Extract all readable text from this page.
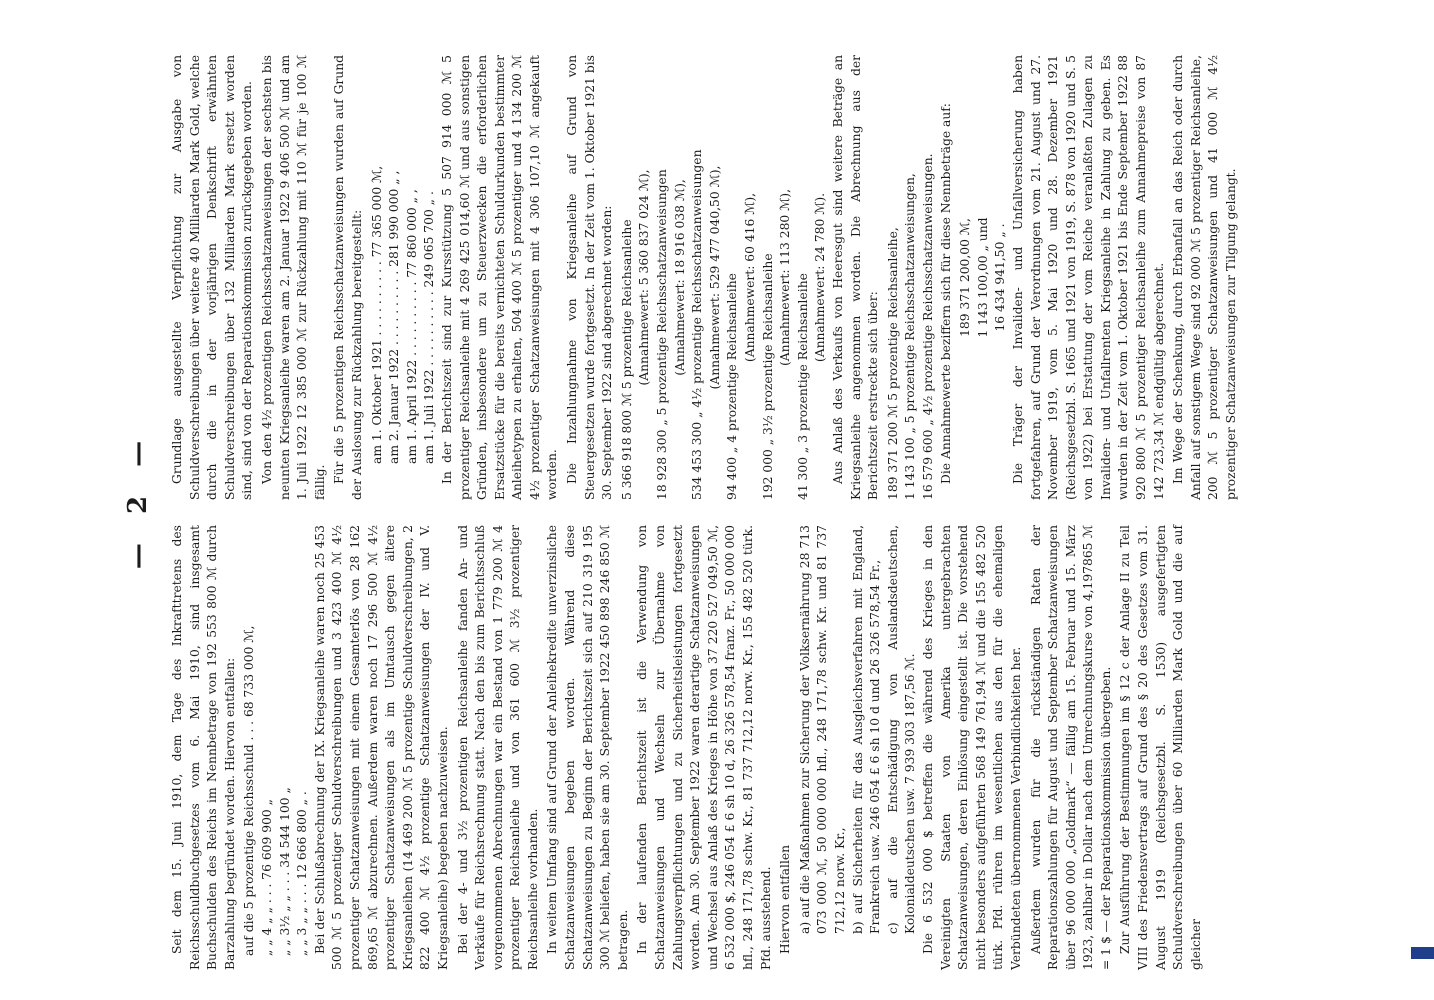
— 2 —

Seit dem 15. Juni 1910, dem Tage des Inkrafttretens des Reichsschuldbuchgesetzes vom 6. Mai 1910, sind insgesamt Buchschulden des Reichs im Nennbetrage von 192 553 800 ℳ durch Barzahlung begründet worden. Hiervon entfallen: auf die 5 prozentige Reichsschuld . . . 68 733 000 ℳ, „ „ 4 „ „ . . . 76 609 900 „ „ „ 3½ „ „ . . . 34 544 100 „ „ „ 3 „ „ . . . 12 666 800 „ . Bei der Schlußabrechnung der IX. Kriegsanleihe waren noch 25 453 500 ℳ 5 prozentiger Schuldverschreibungen und 3 423 400 ℳ 4½ prozentiger Schatzanweisungen mit einem Gesamterlös von 28 162 869,65 ℳ abzurechnen. Außerdem waren noch 17 296 500 ℳ 4½ prozentiger Schatzanweisungen als im Umtausch gegen ältere Kriegsanleihen (14 469 200 ℳ 5 prozentige Schuldverschreibungen, 2 822 400 ℳ 4½ prozentige Schatzanweisungen der IV. und V. Kriegsanleihe) begeben nachzuweisen. Bei der 4- und 3½ prozentigen Reichsanleihe fanden An- und Verkäufe für Reichsrechnung statt. Nach den bis zum Berichtsschluß vorgenommenen Abrechnungen war ein Bestand von 1 779 200 ℳ 4 prozentiger Reichsanleihe und von 361 600 ℳ 3½ prozentiger Reichsanleihe vorhanden. In weitem Umfang sind auf Grund der Anleihekredite unverzinsliche Schatzanweisungen begeben worden. Während diese Schatzanweisungen zu Beginn der Berichtszeit sich auf 210 319 195 300 ℳ beliefen, haben sie am 30. September 1922 450 898 246 850 ℳ betragen. In der laufenden Berichtszeit ist die Verwendung von Schatzanweisungen und Wechseln zur Übernahme von Zahlungsverpflichtungen und zu Sicherheitsleistungen fortgesetzt worden. Am 30. September 1922 waren derartige Schatzanweisungen und Wechsel aus Anlaß des Krieges in Höhe von 37 220 527 049,50 ℳ, 6 532 000 $, 246 054 £ 6 sh 10 d, 26 326 578,54 franz. Fr., 50 000 000 hfl., 248 171,78 schw. Kr., 81 737 712,12 norw. Kr., 155 482 520 türk. Pfd. ausstehend. Hiervon entfallen a) auf die Maßnahmen zur Sicherung der Volksernährung 28 713 073 000 ℳ, 50 000 000 hfl., 248 171,78 schw. Kr. und 81 737 712,12 norw. Kr., b) auf Sicherheiten für das Ausgleichsverfahren mit England, Frankreich usw. 246 054 £ 6 sh 10 d und 26 326 578,54 Fr., c) auf die Entschädigung von Auslandsdeutschen, Kolonialdeutschen usw. 7 939 303 187,56 ℳ. Die 6 532 000 $ betreffen die während des Krieges in den Vereinigten Staaten von Amerika untergebrachten Schatzanweisungen, deren Einlösung eingestellt ist. Die vorstehend nicht besonders aufgeführten 568 149 761,94 ℳ und die 155 482 520 türk. Pfd. rühren im wesentlichen aus den für die ehemaligen Verbündeten übernommenen Verbindlichkeiten her. Außerdem wurden für die rückständigen Raten der Reparationszahlungen für August und September Schatzanweisungen über 96 000 000 „Goldmark“ — fällig am 15. Februar und 15. März 1923, zahlbar in Dollar nach dem Umrechnungskurse von 4,197865 ℳ = 1 $ — der Reparationskommission übergeben. Zur Ausführung der Bestimmungen im § 12 c der Anlage II zu Teil VIII des Friedensvertrags auf Grund des § 20 des Gesetzes vom 31. August 1919 (Reichsgesetzbl. S. 1530) ausgefertigten Schuldverschreibungen über 60 Milliarden Mark Gold und die auf gleicher

Grundlage ausgestellte Verpflichtung zur Ausgabe von Schuldverschreibungen über weitere 40 Milliarden Mark Gold, welche durch die in der vorjährigen Denkschrift erwähnten Schuldverschreibungen über 132 Milliarden Mark ersetzt worden sind, sind von der Reparationskommission zurückgegeben worden. Von den 4½ prozentigen Reichsschatzanweisungen der sechsten bis neunten Kriegsanleihe waren am 2. Januar 1922 9 406 500 ℳ und am 1. Juli 1922 12 385 000 ℳ zur Rückzahlung mit 110 ℳ für je 100 ℳ fällig. Für die 5 prozentigen Reichsschatzanweisungen wurden auf Grund der Auslosung zur Rückzahlung bereitgestellt: am 1. Oktober 1921 . . . . . . . . . . 77 365 000 ℳ, am 2. Januar 1922 . . . . . . . . . . 281 990 000 „ , am 1. April 1922 . . . . . . . . . . 77 860 000 „ , am 1. Juli 1922 . . . . . . . . . . 249 065 700 „ . In der Berichtszeit sind zur Kursstützung 5 507 914 000 ℳ 5 prozentiger Reichsanleihe mit 4 269 425 014,60 ℳ und aus sonstigen Gründen, insbesondere um zu Steuerzwecken die erforderlichen Ersatzstücke für die bereits vernichteten Schuldurkunden bestimmter Anleihetypen zu erhalten, 504 400 ℳ 5 prozentiger und 4 134 200 ℳ 4½ prozentiger Schatzanweisungen mit 4 306 107,10 ℳ angekauft worden. Die Inzahlungnahme von Kriegsanleihe auf Grund von Steuergesetzen wurde fortgesetzt. In der Zeit vom 1. Oktober 1921 bis 30. September 1922 sind abgerechnet worden: 5 366 918 800 ℳ 5 prozentige Reichsanleihe (Annahmewert: 5 360 837 024 ℳ), 18 928 300 „ 5 prozentige Reichsschatzanweisungen (Annahmewert: 18 916 038 ℳ), 534 453 300 „ 4½ prozentige Reichsschatzanweisungen (Annahmewert: 529 477 040,50 ℳ), 94 400 „ 4 prozentige Reichsanleihe (Annahmewert: 60 416 ℳ), 192 000 „ 3½ prozentige Reichsanleihe (Annahmewert: 113 280 ℳ), 41 300 „ 3 prozentige Reichsanleihe (Annahmewert: 24 780 ℳ). Aus Anlaß des Verkaufs von Heeresgut sind weitere Beträge an Kriegsanleihe angenommen worden. Die Abrechnung aus der Berichtszeit erstreckte sich über: 189 371 200 ℳ 5 prozentige Reichsanleihe, 1 143 100 „ 5 prozentige Reichsschatzanweisungen, 16 579 600 „ 4½ prozentige Reichsschatzanweisungen. Die Annahmewerte beziffern sich für diese Nennbeträge auf: 189 371 200,00 ℳ, 1 143 100,00 „ und 16 434 941,50 „ . Die Träger der Invaliden- und Unfallversicherung haben fortgefahren, auf Grund der Verordnungen vom 21. August und 27. November 1919, vom 5. Mai 1920 und 28. Dezember 1921 (Reichsgesetzbl. S. 1665 und 1921 von 1919, S. 878 von 1920 und S. 5 von 1922) bei Erstattung der vom Reiche veranlaßten Zulagen zu Invaliden- und Unfallrenten Kriegsanleihe in Zahlung zu geben. Es wurden in der Zeit vom 1. Oktober 1921 bis Ende September 1922 88 920 800 ℳ 5 prozentiger Reichsanleihe zum Annahmepreise von 87 142 723,34 ℳ endgültig abgerechnet. Im Wege der Schenkung, durch Erbanfall an das Reich oder durch Anfall auf sonstigem Wege sind 92 000 ℳ 5 prozentiger Reichsanleihe, 200 ℳ 5 prozentiger Schatzanweisungen und 41 000 ℳ 4½ prozentiger Schatzanweisungen zur Tilgung gelangt.
